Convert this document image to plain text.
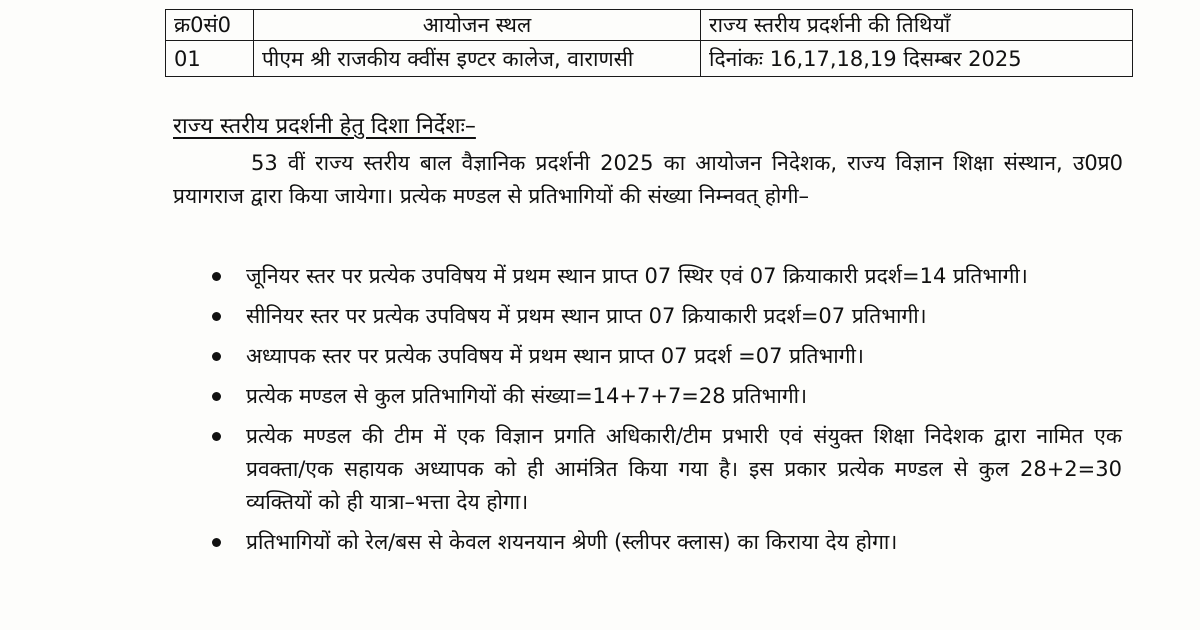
क्र0सं0	आयोजन स्थल	राज्य स्तरीय प्रदर्शनी की तिथियाँ
01	पीएम श्री राजकीय क्वींस इण्टर कालेज, वाराणसी	दिनांकः 16,17,18,19 दिसम्बर 2025
राज्य स्तरीय प्रदर्शनी हेतु दिशा निर्देशः–

53 वीं राज्य स्तरीय बाल वैज्ञानिक प्रदर्शनी 2025 का आयोजन निदेशक, राज्य विज्ञान शिक्षा संस्थान, उ0प्र0 प्रयागराज द्वारा किया जायेगा। प्रत्येक मण्डल से प्रतिभागियों की संख्या निम्नवत् होगी–

जूनियर स्तर पर प्रत्येक उपविषय में प्रथम स्थान प्राप्त 07 स्थिर एवं 07 क्रियाकारी प्रदर्श=14 प्रतिभागी।
सीनियर स्तर पर प्रत्येक उपविषय में प्रथम स्थान प्राप्त 07 क्रियाकारी प्रदर्श=07 प्रतिभागी।
अध्यापक स्तर पर प्रत्येक उपविषय में प्रथम स्थान प्राप्त 07 प्रदर्श =07 प्रतिभागी।
प्रत्येक मण्डल से कुल प्रतिभागियों की संख्या=14+7+7=28 प्रतिभागी।
प्रत्येक मण्डल की टीम में एक विज्ञान प्रगति अधिकारी/टीम प्रभारी एवं संयुक्त शिक्षा निदेशक द्वारा नामित एक प्रवक्ता/एक सहायक अध्यापक को ही आमंत्रित किया गया है। इस प्रकार प्रत्येक मण्डल से कुल 28+2=30 व्यक्तियों को ही यात्रा–भत्ता देय होगा।
प्रतिभागियों को रेल/बस से केवल शयनयान श्रेणी (स्लीपर क्लास) का किराया देय होगा।
